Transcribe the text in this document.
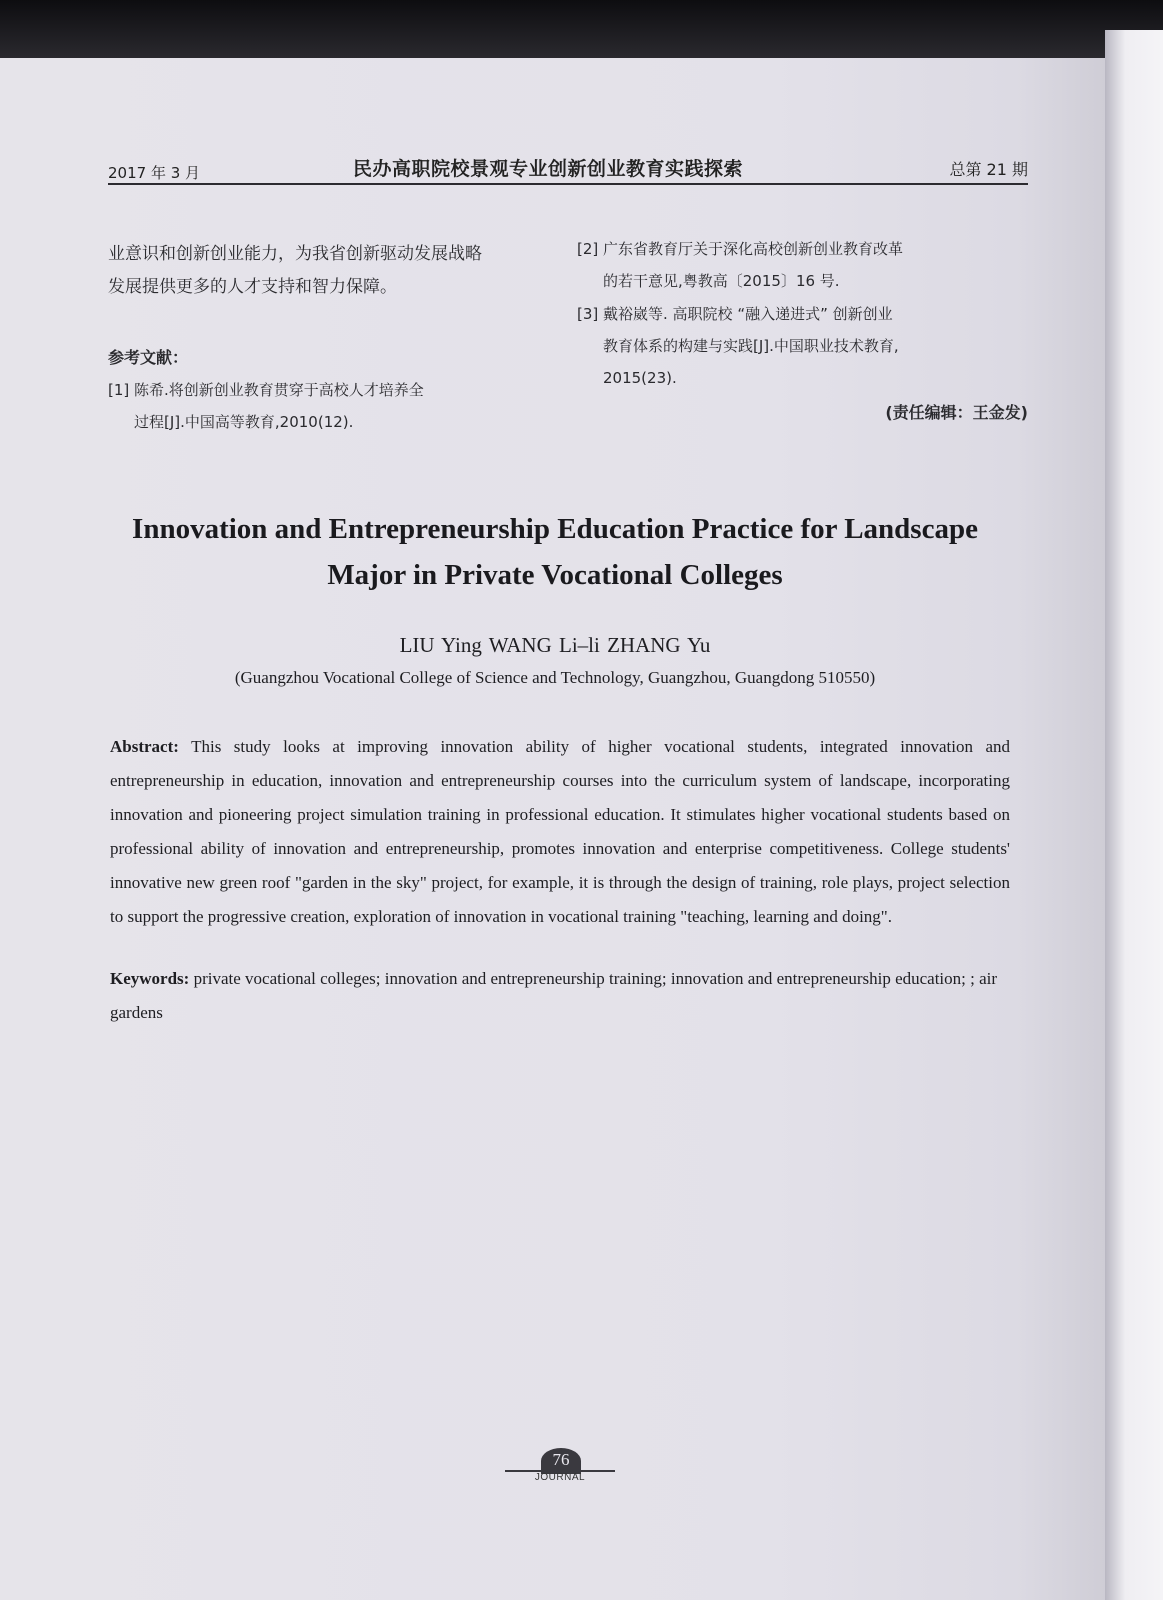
2017 年 3 月	民办高职院校景观专业创新创业教育实践探索	总第 21 期
业意识和创新创业能力，为我省创新驱动发展战略
发展提供更多的人才支持和智力保障。
参考文献：
[1] 陈希.将创新创业教育贯穿于高校人才培养全
过程[J].中国高等教育,2010(12).
[2] 广东省教育厅关于深化高校创新创业教育改革
的若干意见,粤教高〔2015〕16 号.
[3] 戴裕崴等. 高职院校 “融入递进式” 创新创业
教育体系的构建与实践[J].中国职业技术教育,
2015(23).
(责任编辑：王金发)
Innovation and Entrepreneurship Education Practice for Landscape
Major in Private Vocational Colleges
LIU Ying WANG Li–li ZHANG Yu
(Guangzhou Vocational College of Science and Technology, Guangzhou, Guangdong 510550)
Abstract: This study looks at improving innovation ability of higher vocational students, integrated innovation and entrepreneurship in education, innovation and entrepreneurship courses into the curriculum system of landscape, incorporating innovation and pioneering project simulation training in professional education. It stimulates higher vocational students based on professional ability of innovation and entrepreneurship, promotes innovation and enterprise competitiveness. College students' innovative new green roof "garden in the sky" project, for example, it is through the design of training, role plays, project selection to support the progressive creation, exploration of innovation in vocational training "teaching, learning and doing".
Keywords: private vocational colleges; innovation and entrepreneurship training; innovation and entrepreneurship education; ; air gardens
76
JOURNAL
